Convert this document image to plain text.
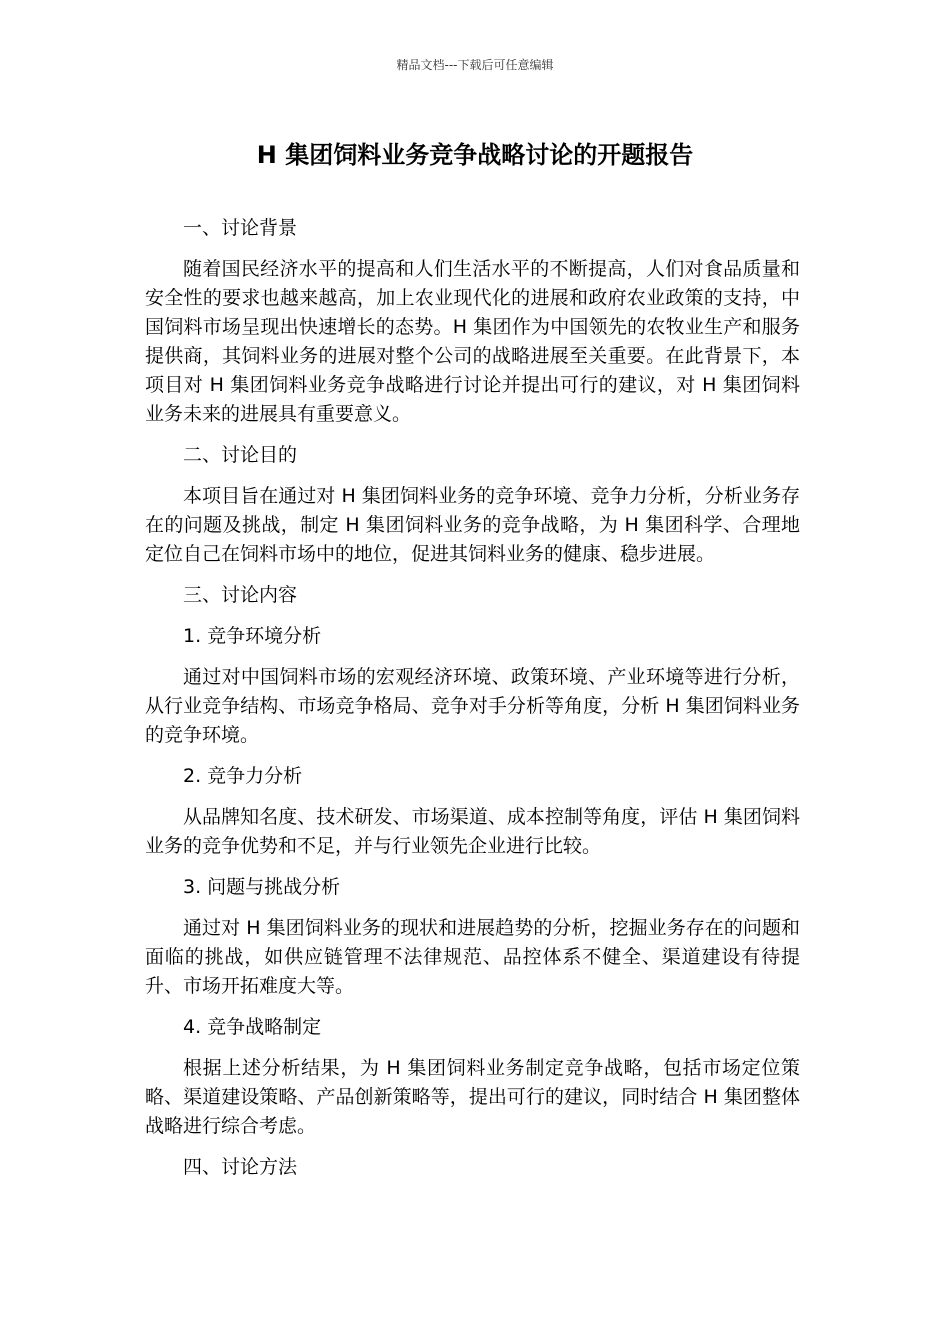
精品文档---下载后可任意编辑
H 集团饲料业务竞争战略讨论的开题报告

一、讨论背景

随着国民经济水平的提高和人们生活水平的不断提高，人们对食品质量和安全性的要求也越来越高，加上农业现代化的进展和政府农业政策的支持，中国饲料市场呈现出快速增长的态势。H 集团作为中国领先的农牧业生产和服务提供商，其饲料业务的进展对整个公司的战略进展至关重要。在此背景下，本项目对 H 集团饲料业务竞争战略进行讨论并提出可行的建议，对 H 集团饲料业务未来的进展具有重要意义。

二、讨论目的

本项目旨在通过对 H 集团饲料业务的竞争环境、竞争力分析，分析业务存在的问题及挑战，制定 H 集团饲料业务的竞争战略，为 H 集团科学、合理地定位自己在饲料市场中的地位，促进其饲料业务的健康、稳步进展。

三、讨论内容

1. 竞争环境分析

通过对中国饲料市场的宏观经济环境、政策环境、产业环境等进行分析，从行业竞争结构、市场竞争格局、竞争对手分析等角度，分析 H 集团饲料业务的竞争环境。

2. 竞争力分析

从品牌知名度、技术研发、市场渠道、成本控制等角度，评估 H 集团饲料业务的竞争优势和不足，并与行业领先企业进行比较。

3. 问题与挑战分析

通过对 H 集团饲料业务的现状和进展趋势的分析，挖掘业务存在的问题和面临的挑战，如供应链管理不法律规范、品控体系不健全、渠道建设有待提升、市场开拓难度大等。

4. 竞争战略制定

根据上述分析结果，为 H 集团饲料业务制定竞争战略，包括市场定位策略、渠道建设策略、产品创新策略等，提出可行的建议，同时结合 H 集团整体战略进行综合考虑。

四、讨论方法
